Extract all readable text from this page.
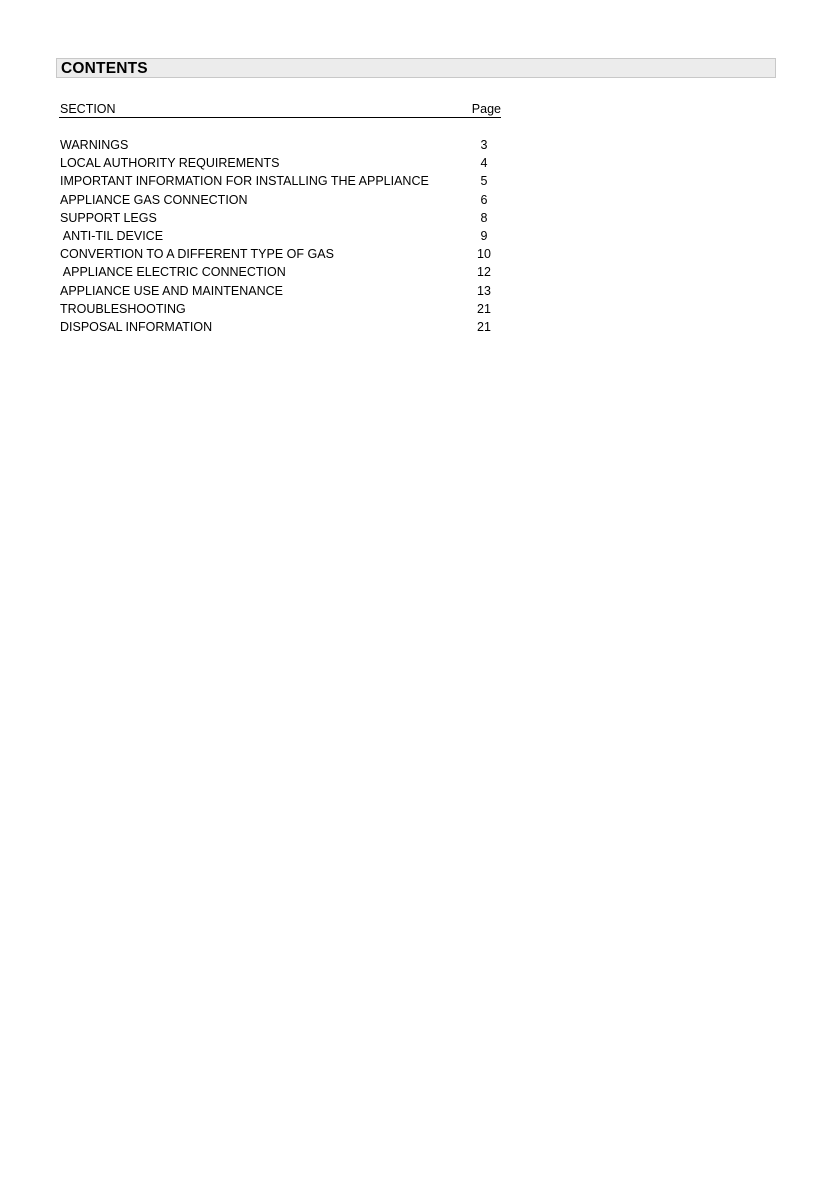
CONTENTS
SECTION	Page
WARNINGS	3
LOCAL AUTHORITY REQUIREMENTS	4
IMPORTANT INFORMATION FOR INSTALLING THE APPLIANCE	5
APPLIANCE GAS CONNECTION	6
SUPPORT LEGS	8
ANTI-TIL DEVICE	9
CONVERTION TO A DIFFERENT TYPE OF GAS	10
APPLIANCE ELECTRIC CONNECTION	12
APPLIANCE USE AND MAINTENANCE	13
TROUBLESHOOTING	21
DISPOSAL INFORMATION	21
